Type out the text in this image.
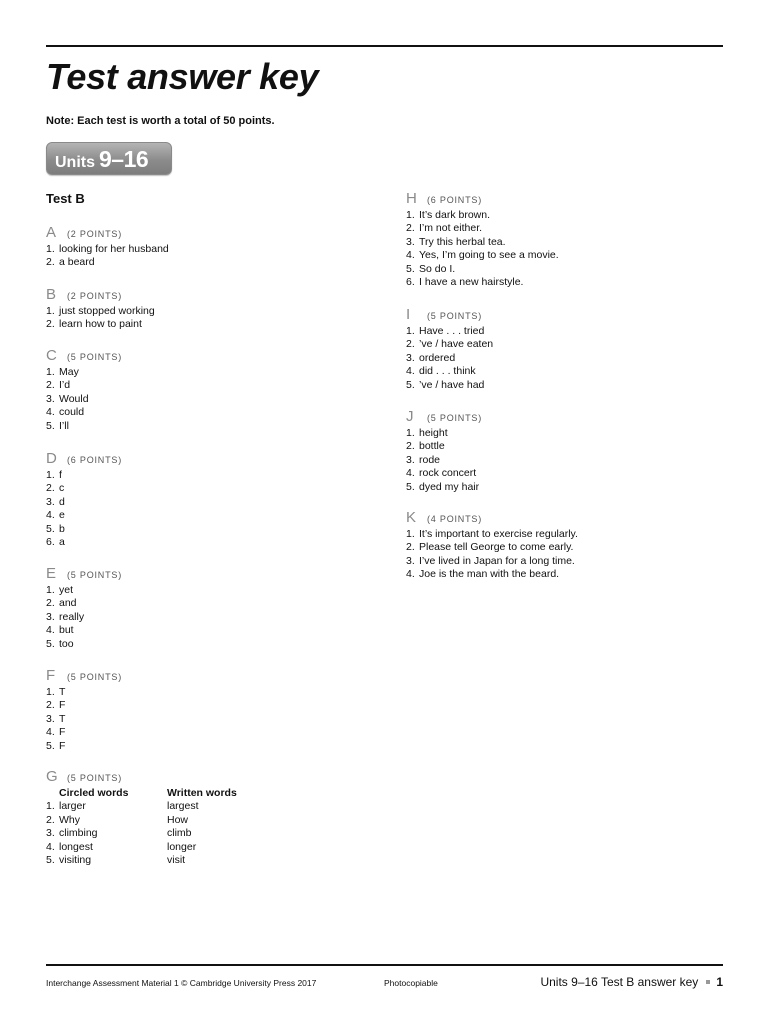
Test answer key
Note: Each test is worth a total of 50 points.
Units 9–16
Test B
A	(2 POINTS)
1. looking for her husband
2. a beard
B	(2 POINTS)
1. just stopped working
2. learn how to paint
C	(5 POINTS)
1. May
2. I’d
3. Would
4. could
5. I’ll
D	(6 POINTS)
1. f
2. c
3. d
4. e
5. b
6. a
E	(5 POINTS)
1. yet
2. and
3. really
4. but
5. too
F	(5 POINTS)
1. T
2. F
3. T
4. F
5. F
G	(5 POINTS)
Circled words	Written words
1. larger	largest
2. Why	How
3. climbing	climb
4. longest	longer
5. visiting	visit
H	(6 POINTS)
1. It’s dark brown.
2. I’m not either.
3. Try this herbal tea.
4. Yes, I’m going to see a movie.
5. So do I.
6. I have a new hairstyle.
I	(5 POINTS)
1. Have . . . tried
2. ’ve / have eaten
3. ordered
4. did . . . think
5. ’ve / have had
J	(5 POINTS)
1. height
2. bottle
3. rode
4. rock concert
5. dyed my hair
K	(4 POINTS)
1. It’s important to exercise regularly.
2. Please tell George to come early.
3. I’ve lived in Japan for a long time.
4. Joe is the man with the beard.
Interchange Assessment Material 1 © Cambridge University Press 2017	Photocopiable	Units 9–16 Test B answer key 1
